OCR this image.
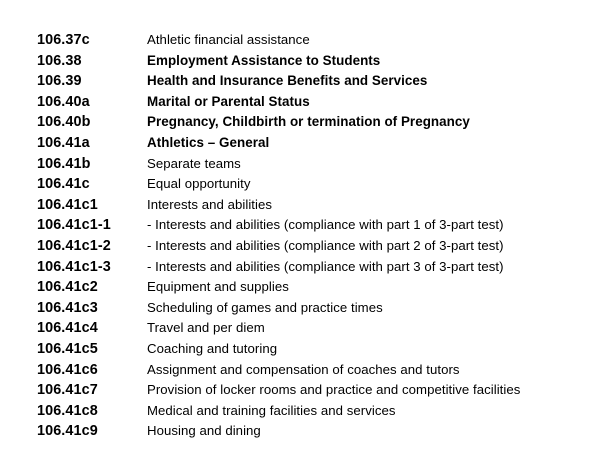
106.37c	Athletic financial assistance
106.38	Employment Assistance to Students
106.39	Health and Insurance Benefits and Services
106.40a	Marital or Parental Status
106.40b	Pregnancy, Childbirth or termination of Pregnancy
106.41a	Athletics – General
106.41b	Separate teams
106.41c	Equal opportunity
106.41c1	Interests and abilities
106.41c1-1	- Interests and abilities (compliance with part 1 of 3-part test)
106.41c1-2	- Interests and abilities (compliance with part 2 of 3-part test)
106.41c1-3	- Interests and abilities (compliance with part 3 of 3-part test)
106.41c2	Equipment and supplies
106.41c3	Scheduling of games and practice times
106.41c4	Travel and per diem
106.41c5	Coaching and tutoring
106.41c6	Assignment and compensation of coaches and tutors
106.41c7	Provision of locker rooms and practice and competitive facilities
106.41c8	Medical and training facilities and services
106.41c9	Housing and dining
